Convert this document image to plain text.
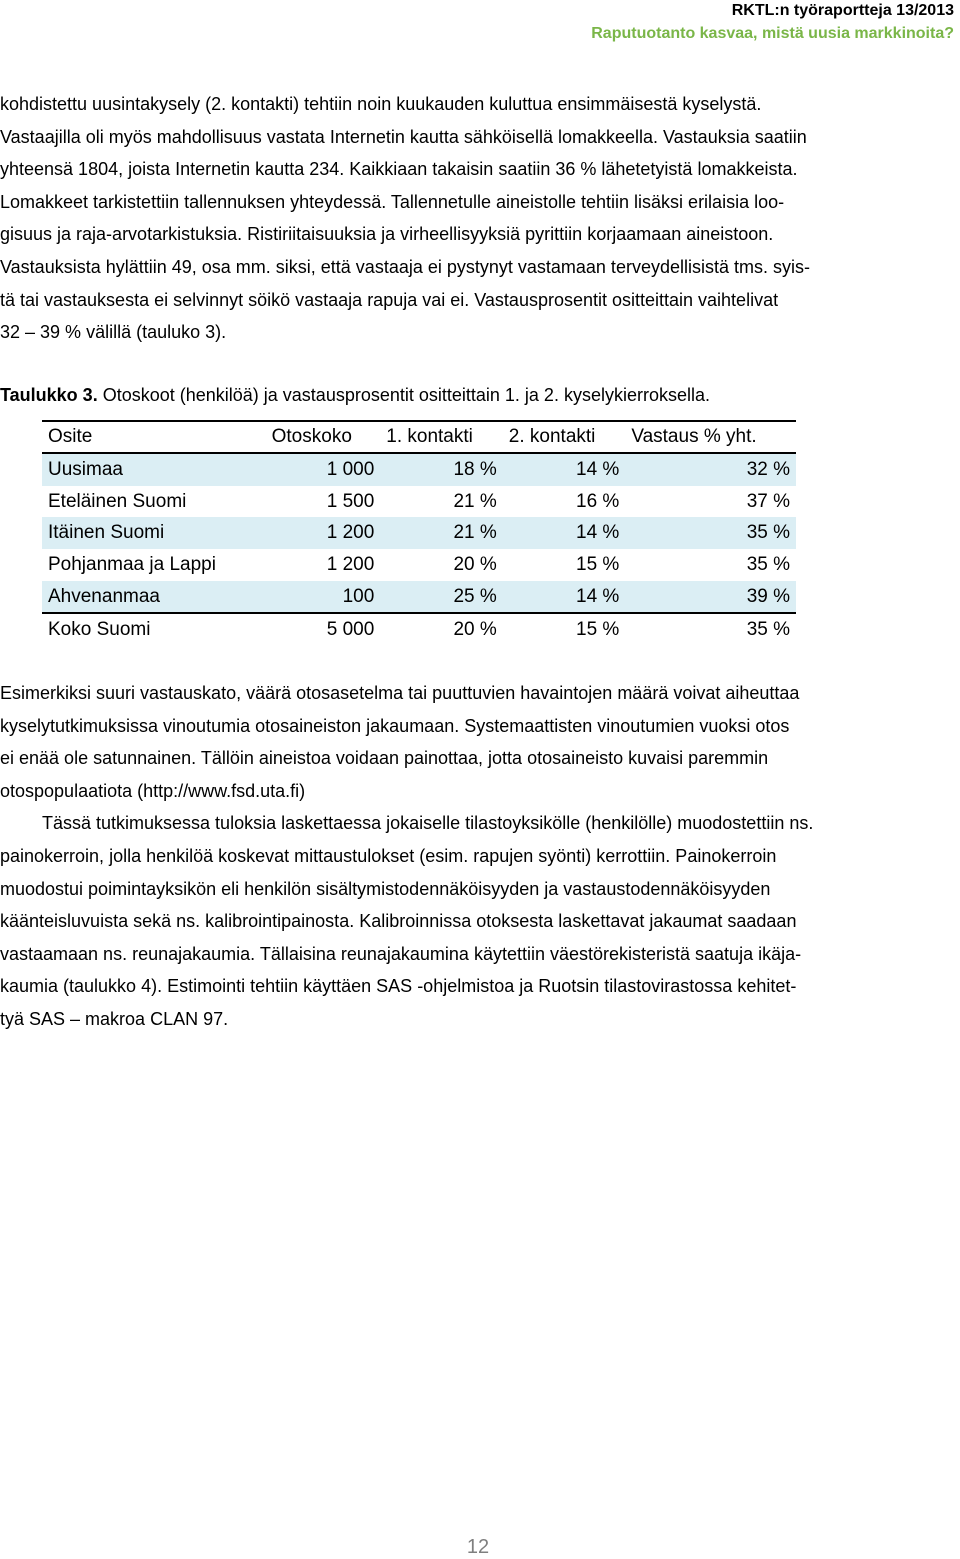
RKTL:n työraportteja 13/2013
Raputuotanto kasvaa, mistä uusia markkinoita?
kohdistettu uusintakysely (2. kontakti) tehtiin noin kuukauden kuluttua ensimmäisestä kyselystä.
Vastaajilla oli myös mahdollisuus vastata Internetin kautta sähköisellä lomakkeella. Vastauksia saatiin
yhteensä 1804, joista Internetin kautta 234. Kaikkiaan takaisin saatiin 36 % lähetetyistä lomakkeista.
Lomakkeet tarkistettiin tallennuksen yhteydessä. Tallennetulle aineistolle tehtiin lisäksi erilaisia loo-
gisuus ja raja-arvotarkistuksia. Ristiriitaisuuksia ja virheellisyyksiä pyrittiin korjaamaan aineistoon.
Vastauksista hylättiin 49, osa mm. siksi, että vastaaja ei pystynyt vastamaan terveydellisistä tms. syis-
tä tai vastauksesta ei selvinnyt söikö vastaaja rapuja vai ei. Vastausprosentit ositteittain vaihtelivat
32 – 39 % välillä (tauluko 3).
Taulukko 3. Otoskoot (henkilöä) ja vastausprosentit ositteittain 1. ja 2. kyselykierroksella.
Osite	Otoskoko	1. kontakti	2. kontakti	Vastaus % yht.
Uusimaa	1 000	18 %	14 %	32 %
Eteläinen Suomi	1 500	21 %	16 %	37 %
Itäinen Suomi	1 200	21 %	14 %	35 %
Pohjanmaa ja Lappi	1 200	20 %	15 %	35 %
Ahvenanmaa	100	25 %	14 %	39 %
Koko Suomi	5 000	20 %	15 %	35 %
Esimerkiksi suuri vastauskato, väärä otosasetelma tai puuttuvien havaintojen määrä voivat aiheuttaa
kyselytutkimuksissa vinoutumia otosaineiston jakaumaan. Systemaattisten vinoutumien vuoksi otos
ei enää ole satunnainen. Tällöin aineistoa voidaan painottaa, jotta otosaineisto kuvaisi paremmin
otospopulaatiota (http://www.fsd.uta.fi)
Tässä tutkimuksessa tuloksia laskettaessa jokaiselle tilastoyksikölle (henkilölle) muodostettiin ns.
painokerroin, jolla henkilöä koskevat mittaustulokset (esim. rapujen syönti) kerrottiin. Painokerroin
muodostui poimintayksikön eli henkilön sisältymistodennäköisyyden ja vastaustodennäköisyyden
käänteisluvuista sekä ns. kalibrointipainosta. Kalibroinnissa otoksesta laskettavat jakaumat saadaan
vastaamaan ns. reunajakaumia. Tällaisina reunajakaumina käytettiin väestörekisteristä saatuja ikäja-
kaumia (taulukko 4). Estimointi tehtiin käyttäen SAS -ohjelmistoa ja Ruotsin tilastovirastossa kehitet-
tyä SAS – makroa CLAN 97.
12
